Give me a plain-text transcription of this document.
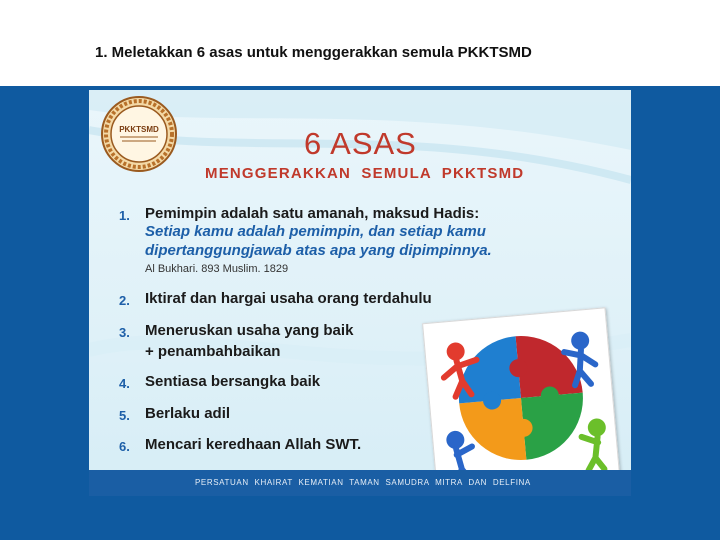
1. Meletakkan 6 asas untuk menggerakkan semula PKKTSMD
PKKTSMD	6 ASAS
MENGGERAKKAN SEMULA PKKTSMD
1. Pemimpin adalah satu amanah, maksud Hadis:
Setiap kamu adalah pemimpin, dan setiap kamu
dipertanggungjawab atas apa yang dipimpinnya.
Al Bukhari. 893 Muslim. 1829
2. Iktiraf dan hargai usaha orang terdahulu
3. Meneruskan usaha yang baik
+ penambahbaikan
4. Sentiasa bersangka baik
5. Berlaku adil
6. Mencari keredhaan Allah SWT.
PERSATUAN KHAIRAT KEMATIAN TAMAN SAMUDRA MITRA DAN DELFINA
